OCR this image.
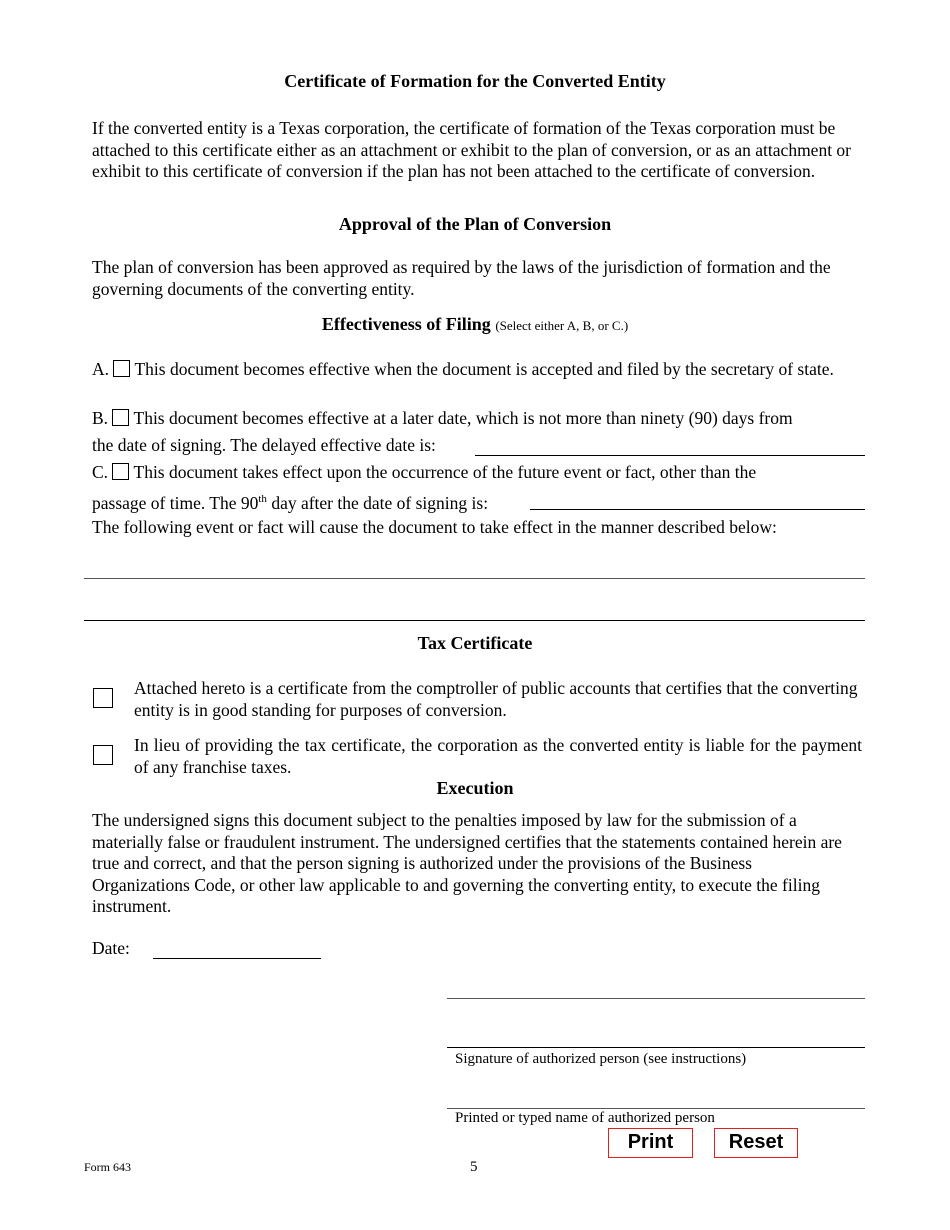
Certificate of Formation for the Converted Entity
If the converted entity is a Texas corporation, the certificate of formation of the Texas corporation must be attached to this certificate either as an attachment or exhibit to the plan of conversion, or as an attachment or exhibit to this certificate of conversion if the plan has not been attached to the certificate of conversion.
Approval of the Plan of Conversion
The plan of conversion has been approved as required by the laws of the jurisdiction of formation and the governing documents of the converting entity.
Effectiveness of Filing (Select either A, B, or C.)
A. This document becomes effective when the document is accepted and filed by the secretary of state.
B. This document becomes effective at a later date, which is not more than ninety (90) days from
the date of signing. The delayed effective date is:
C. This document takes effect upon the occurrence of the future event or fact, other than the
passage of time. The 90th day after the date of signing is:
The following event or fact will cause the document to take effect in the manner described below:
Tax Certificate
Attached hereto is a certificate from the comptroller of public accounts that certifies that the converting entity is in good standing for purposes of conversion.
In lieu of providing the tax certificate, the corporation as the converted entity is liable for the payment of any franchise taxes.
Execution
The undersigned signs this document subject to the penalties imposed by law for the submission of a materially false or fraudulent instrument. The undersigned certifies that the statements contained herein are true and correct, and that the person signing is authorized under the provisions of the Business Organizations Code, or other law applicable to and governing the converting entity, to execute the filing instrument.
Date:
Signature of authorized person (see instructions)
Printed or typed name of authorized person
Print	Reset
Form 643	5
